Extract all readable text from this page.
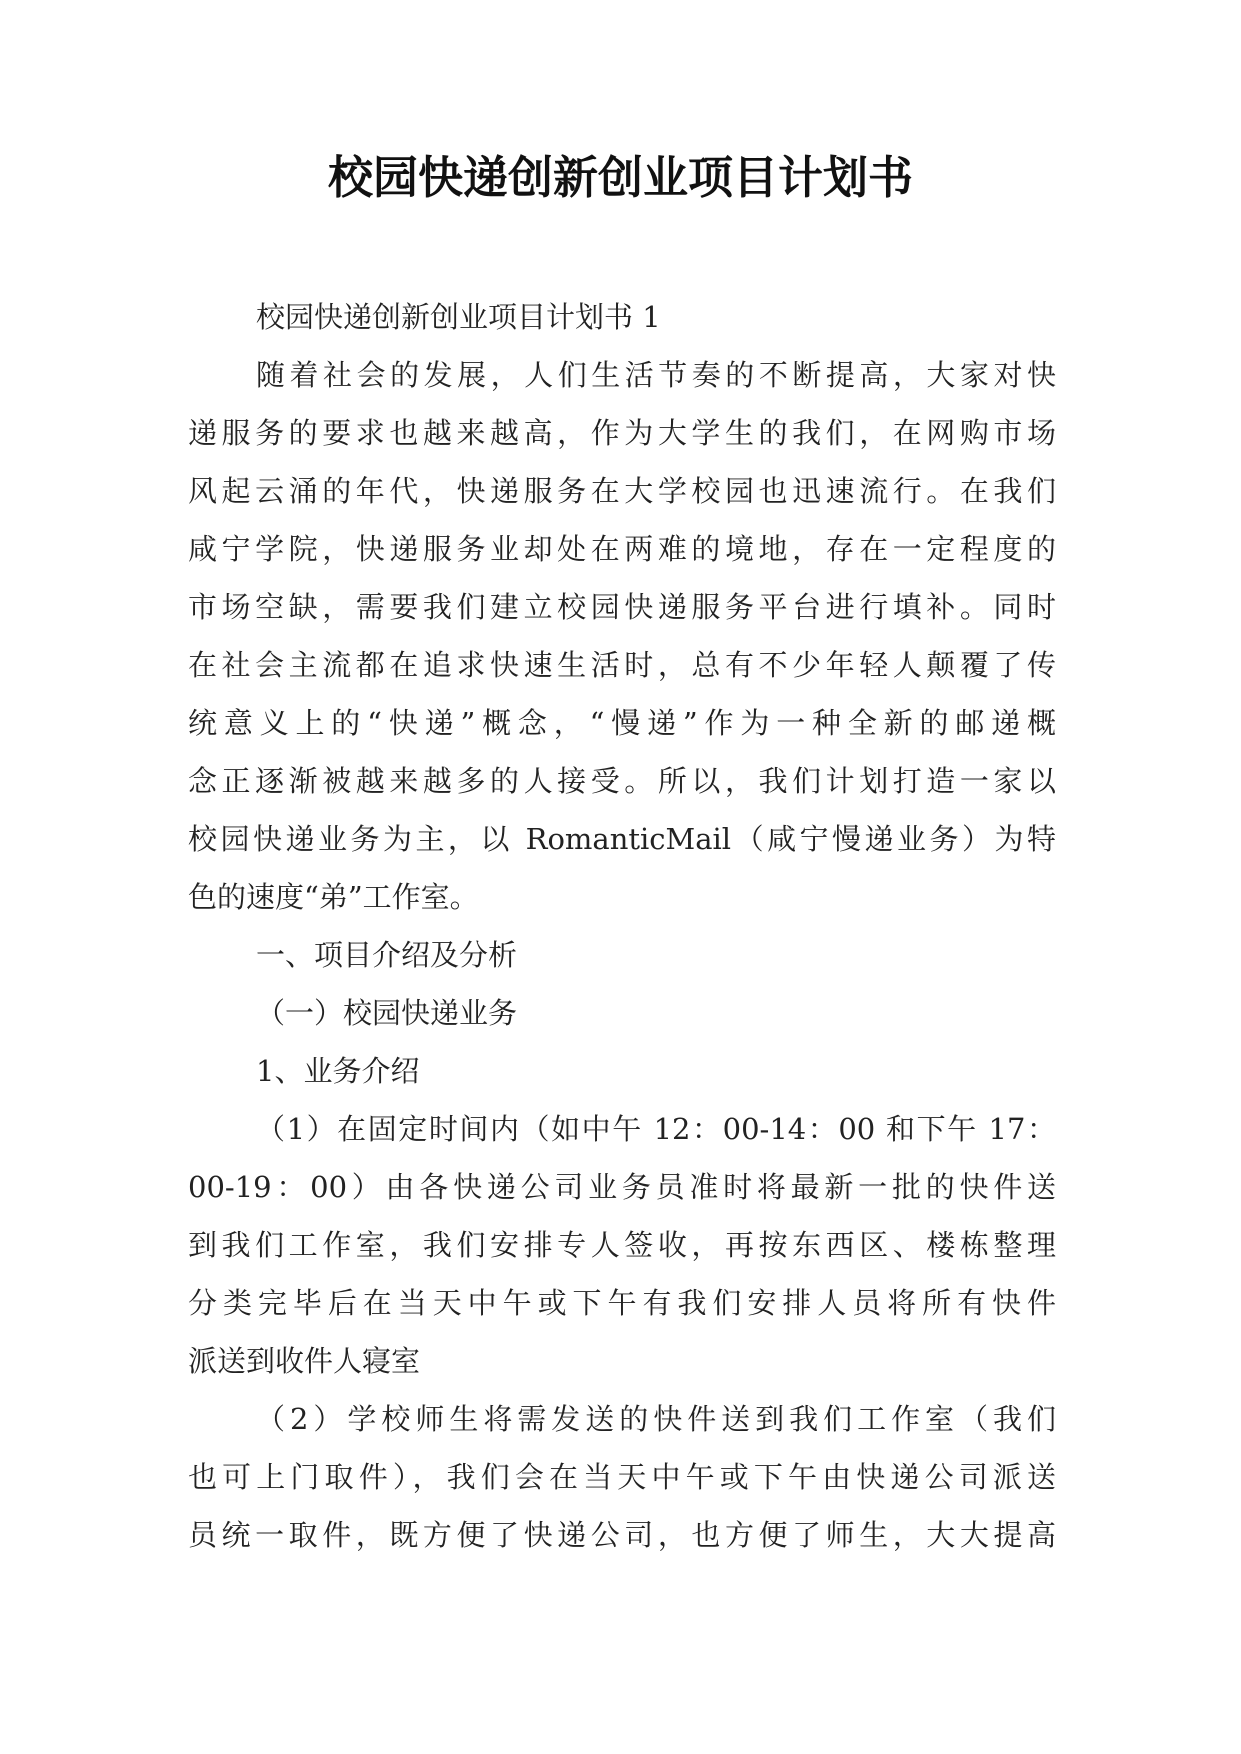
校园快递创新创业项目计划书
校园快递创新创业项目计划书 1
随着社会的发展，人们生活节奏的不断提高，大家对快
递服务的要求也越来越高，作为大学生的我们，在网购市场
风起云涌的年代，快递服务在大学校园也迅速流行。在我们
咸宁学院，快递服务业却处在两难的境地，存在一定程度的
市场空缺，需要我们建立校园快递服务平台进行填补。同时
在社会主流都在追求快速生活时，总有不少年轻人颠覆了传
统意义上的“快递”概念，“慢递”作为一种全新的邮递概
念正逐渐被越来越多的人接受。所以，我们计划打造一家以
校园快递业务为主，以 RomanticMail（咸宁慢递业务）为特
色的速度“弟”工作室。
一、项目介绍及分析
（一）校园快递业务
1、业务介绍
（1）在固定时间内（如中午 12：00-14：00 和下午 17：
00-19：00）由各快递公司业务员准时将最新一批的快件送
到我们工作室，我们安排专人签收，再按东西区、楼栋整理
分类完毕后在当天中午或下午有我们安排人员将所有快件
派送到收件人寝室
（2）学校师生将需发送的快件送到我们工作室（我们
也可上门取件），我们会在当天中午或下午由快递公司派送
员统一取件，既方便了快递公司，也方便了师生，大大提高
